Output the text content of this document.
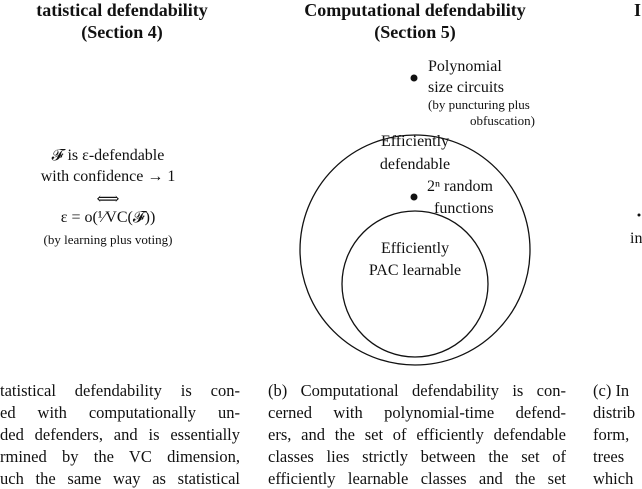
tatistical defendability
(Section 4)
Computational defendability
(Section 5)
I
𝓕 is ε-defendable
with confidence → 1
⟺
ε = o(¹⁄VC(𝓕))
(by learning plus voting)
Polynomial
size circuits
(by puncturing plus
obfuscation)
Efficiently
defendable
2ⁿ random
functions
Efficiently
PAC learnable
in
tatistical defendability is con-
ed with computationally un-
ded defenders, and is essentially
rmined by the VC dimension,
uch the same way as statistical
(b) Computational defendability is con-
cerned with polynomial-time defend-
ers, and the set of efficiently defendable
classes lies strictly between the set of
efficiently learnable classes and the set
(c) In
distrib
form,
trees
which
